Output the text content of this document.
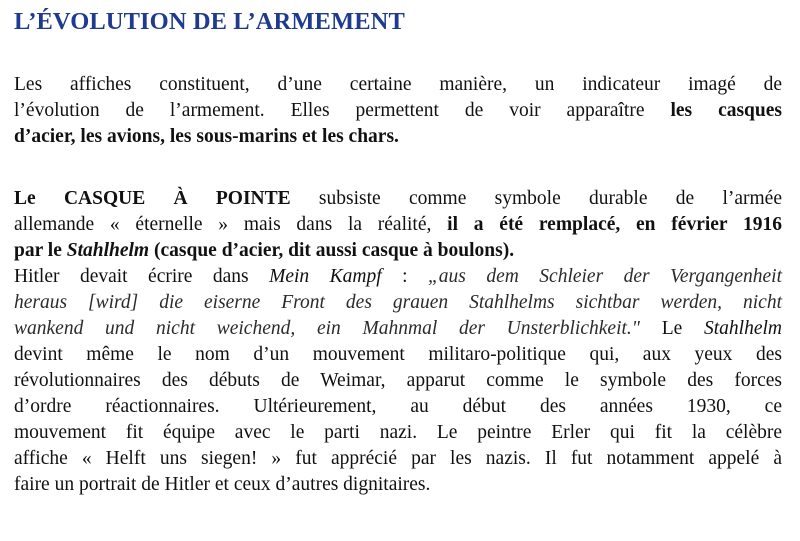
L’ÉVOLUTION DE L’ARMEMENT
Les affiches constituent, d’une certaine manière, un indicateur imagé de
l’évolution de l’armement. Elles permettent de voir apparaître les casques
d’acier, les avions, les sous-marins et les chars.
Le CASQUE À POINTE subsiste comme symbole durable de l’armée
allemande « éternelle » mais dans la réalité, il a été remplacé, en février 1916
par le Stahlhelm (casque d’acier, dit aussi casque à boulons).
Hitler devait écrire dans Mein Kampf : „aus dem Schleier der Vergangenheit
heraus [wird] die eiserne Front des grauen Stahlhelms sichtbar werden, nicht
wankend und nicht weichend, ein Mahnmal der Unsterblichkeit." Le Stahlhelm
devint même le nom d’un mouvement militaro-politique qui, aux yeux des
révolutionnaires des débuts de Weimar, apparut comme le symbole des forces
d’ordre réactionnaires. Ultérieurement, au début des années 1930, ce
mouvement fit équipe avec le parti nazi. Le peintre Erler qui fit la célèbre
affiche « Helft uns siegen! » fut apprécié par les nazis. Il fut notamment appelé à
faire un portrait de Hitler et ceux d’autres dignitaires.
